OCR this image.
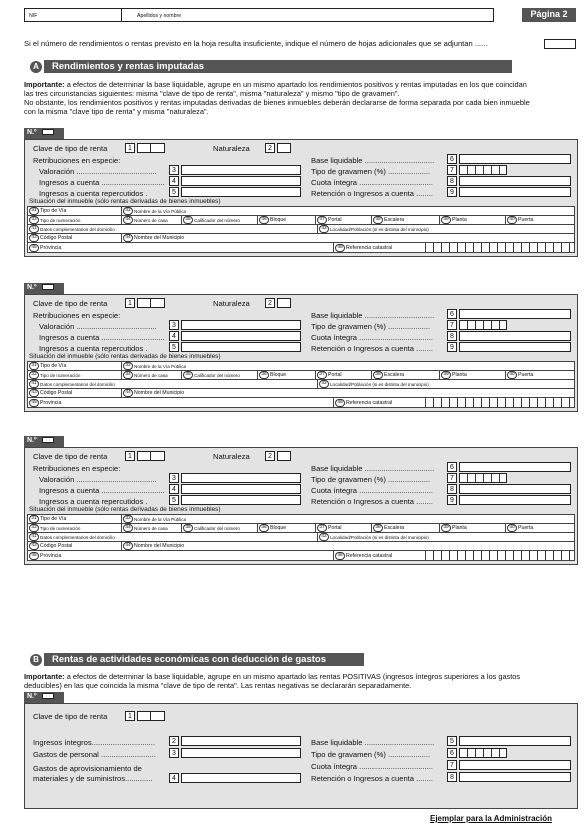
NIF	Apellidos y nombre	Página 2
Si el número de rendimientos o rentas previsto en la hoja resulta insuficiente, indique el número de hojas adicionales que se adjuntan ......
A	Rendimientos y rentas imputadas
Importante: a efectos de determinar la base liquidable, agrupe en un mismo apartado los rendimientos positivos y rentas imputadas en los que coincidan
las tres circunstancias siguientes: misma "clave de tipo de renta", misma "naturaleza" y mismo "tipo de gravamen".
No obstante, los rendimientos positivos y rentas imputadas derivadas de bienes inmuebles deberán declararse de forma separada por cada bien inmueble
con la misma "clave tipo de renta" y misma "naturaleza".
N.º
Clave de tipo de renta	1	Naturaleza	2
Retribuciones en especie:
Valoración ......................................	3
Ingresos a cuenta ..............................	4
Ingresos a cuenta repercutidos .	5
Base liquidable .................................	6
Tipo de gravamen (%) ....................	7
Cuota íntegra ...................................	8
Retención o Ingresos a cuenta ........	9
Situación del inmueble (sólo rentas derivadas de bienes inmuebles)
31 Tipo de Vía	32 Nombre de la Vía Pública
33 Tipo de numeración	34 Número de casa	35 Calificador del número	36 Bloque	37 Portal	38 Escalera	39 Planta	40 Puerta
41 Datos complementarios del domicilio	42 Localidad/Población (si es distinta del municipio)
43 Código Postal	44 Nombre del Municipio
45 Provincia	46 Referencia catastral
N.º
Clave de tipo de renta	1	Naturaleza	2
Retribuciones en especie:
Valoración ......................................	3
Ingresos a cuenta ..............................	4
Ingresos a cuenta repercutidos .	5
Base liquidable .................................	6
Tipo de gravamen (%) ....................	7
Cuota íntegra ...................................	8
Retención o Ingresos a cuenta ........	9
Situación del inmueble (sólo rentas derivadas de bienes inmuebles)
31 Tipo de Vía	32 Nombre de la Vía Pública
33 Tipo de numeración	34 Número de casa	35 Calificador del número	36 Bloque	37 Portal	38 Escalera	39 Planta	40 Puerta
41 Datos complementarios del domicilio	42 Localidad/Población (si es distinta del municipio)
43 Código Postal	44 Nombre del Municipio
45 Provincia	46 Referencia catastral
N.º
Clave de tipo de renta	1	Naturaleza	2
Retribuciones en especie:
Valoración ......................................	3
Ingresos a cuenta ..............................	4
Ingresos a cuenta repercutidos .	5
Base liquidable .................................	6
Tipo de gravamen (%) ....................	7
Cuota íntegra ...................................	8
Retención o Ingresos a cuenta ........	9
Situación del inmueble (sólo rentas derivadas de bienes inmuebles)
31 Tipo de Vía	32 Nombre de la Vía Pública
33 Tipo de numeración	34 Número de casa	35 Calificador del número	36 Bloque	37 Portal	38 Escalera	39 Planta	40 Puerta
41 Datos complementarios del domicilio	42 Localidad/Población (si es distinta del municipio)
43 Código Postal	44 Nombre del Municipio
45 Provincia	46 Referencia catastral
B	Rentas de actividades económicas con deducción de gastos
Importante: a efectos de determinar la base liquidable, agrupe en un mismo apartado las rentas POSITIVAS (ingresos íntegros superiores a los gastos
deducibles) en las que coincida la misma "clave de tipo de renta". Las rentas negativas se declararán separadamente.
N.º
Clave de tipo de renta	1
Ingresos íntegros..............................	2
Gastos de personal ..........................	3
Gastos de aprovisionamiento de
materiales y de suministros.............	4
Base liquidable .................................	5
Tipo de gravamen (%) ....................	6
Cuota íntegra ...................................	7
Retención o Ingresos a cuenta ........	8
Ejemplar para la Administración
